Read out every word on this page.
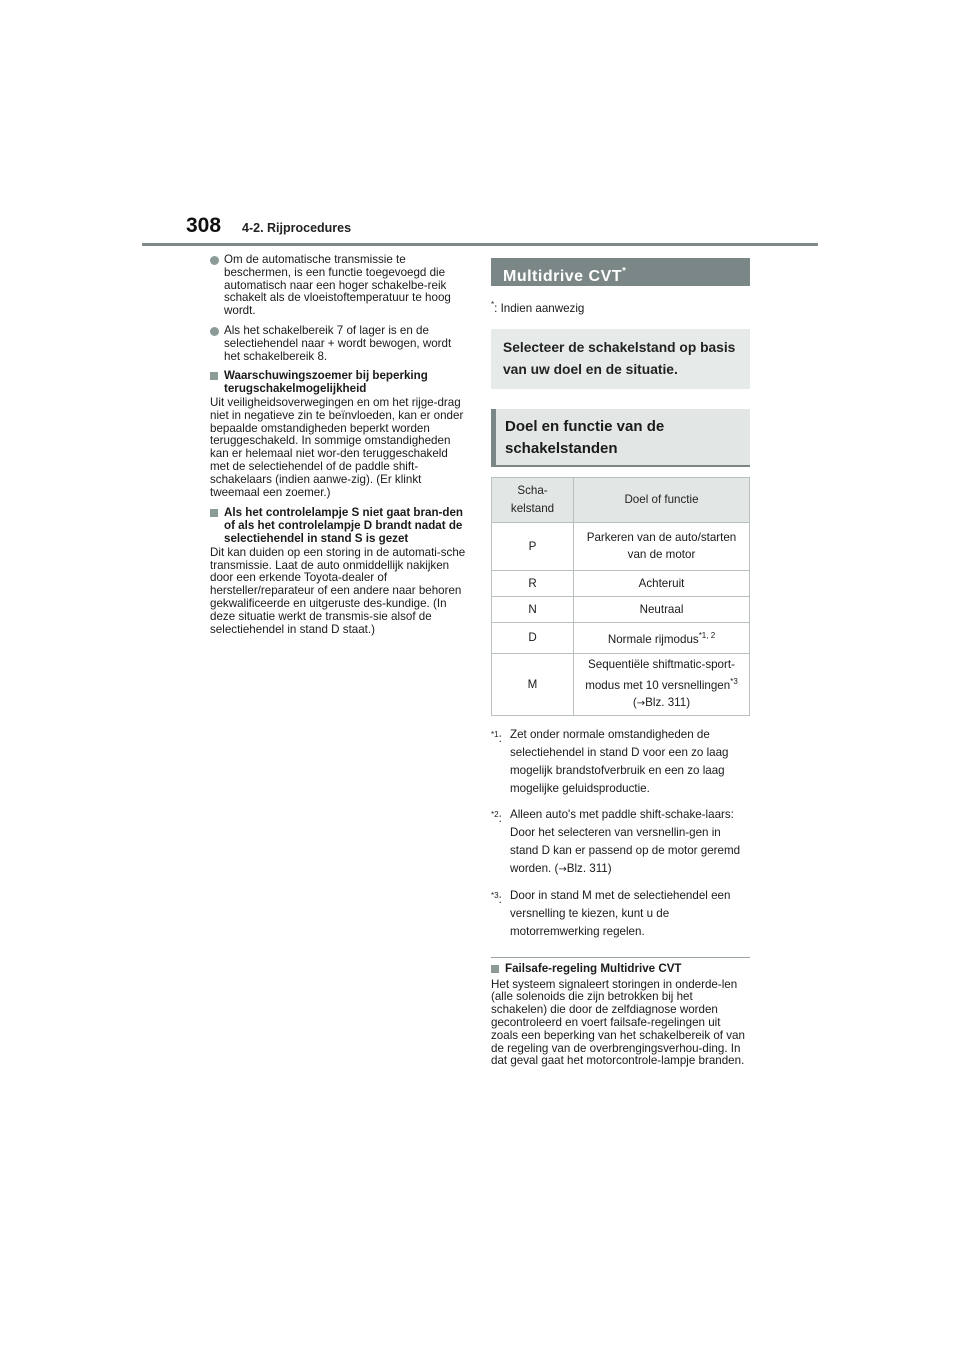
308	4-2. Rijprocedures
Om de automatische transmissie te beschermen, is een functie toegevoegd die automatisch naar een hoger schakelbe-reik schakelt als de vloeistoftemperatuur te hoog wordt.
Als het schakelbereik 7 of lager is en de selectiehendel naar + wordt bewogen, wordt het schakelbereik 8.
Waarschuwingszoemer bij beperking terugschakelmogelijkheid
Uit veiligheidsoverwegingen en om het rijge-drag niet in negatieve zin te beïnvloeden, kan er onder bepaalde omstandigheden beperkt worden teruggeschakeld. In sommige omstandigheden kan er helemaal niet wor-den teruggeschakeld met de selectiehendel of de paddle shift-schakelaars (indien aanwe-zig). (Er klinkt tweemaal een zoemer.)
Als het controlelampje S niet gaat bran-den of als het controlelampje D brandt nadat de selectiehendel in stand S is gezet
Dit kan duiden op een storing in de automati-sche transmissie. Laat de auto onmiddellijk nakijken door een erkende Toyota-dealer of hersteller/reparateur of een andere naar behoren gekwalificeerde en uitgeruste des-kundige. (In deze situatie werkt de transmis-sie alsof de selectiehendel in stand D staat.)
Multidrive CVT*
*: Indien aanwezig
Selecteer de schakelstand op basis van uw doel en de situatie.
Doel en functie van de schakelstanden
Scha-kelstand	Doel of functie
P	Parkeren van de auto/starten van de motor
R	Achteruit
N	Neutraal
D	Normale rijmodus$^{*1, 2}$
M	Sequentiële shiftmatic-sport-modus met 10 versnellingen$^{*3}$
(→Blz. 311)
$^{*1}$: Zet onder normale omstandigheden de selectiehendel in stand D voor een zo laag mogelijk brandstofverbruik en een zo laag mogelijke geluidsproductie.
$^{*2}$: Alleen auto's met paddle shift-schake-laars: Door het selecteren van versnellin-gen in stand D kan er passend op de motor geremd worden. (→Blz. 311)
$^{*3}$: Door in stand M met de selectiehendel een versnelling te kiezen, kunt u de motorremwerking regelen.
Failsafe-regeling Multidrive CVT
Het systeem signaleert storingen in onderde-len (alle solenoids die zijn betrokken bij het schakelen) die door de zelfdiagnose worden gecontroleerd en voert failsafe-regelingen uit zoals een beperking van het schakelbereik of van de regeling van de overbrengingsverhou-ding. In dat geval gaat het motorcontrole-lampje branden.
